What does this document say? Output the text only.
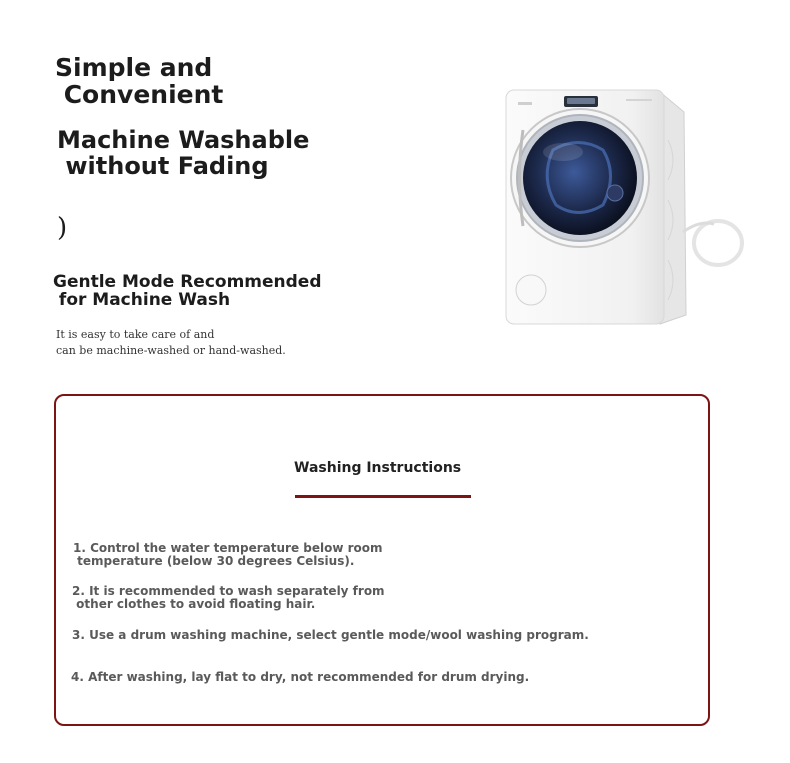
Simple and
Convenient
Machine Washable
without Fading
)
Gentle Mode Recommended
for Machine Wash

It is easy to take care of and
can be machine-washed or hand-washed.

Washing Instructions

1. Control the water temperature below room
temperature (below 30 degrees Celsius).

2. It is recommended to wash separately from
other clothes to avoid floating hair.

3. Use a drum washing machine, select gentle mode/wool washing program.

4. After washing, lay flat to dry, not recommended for drum drying.
